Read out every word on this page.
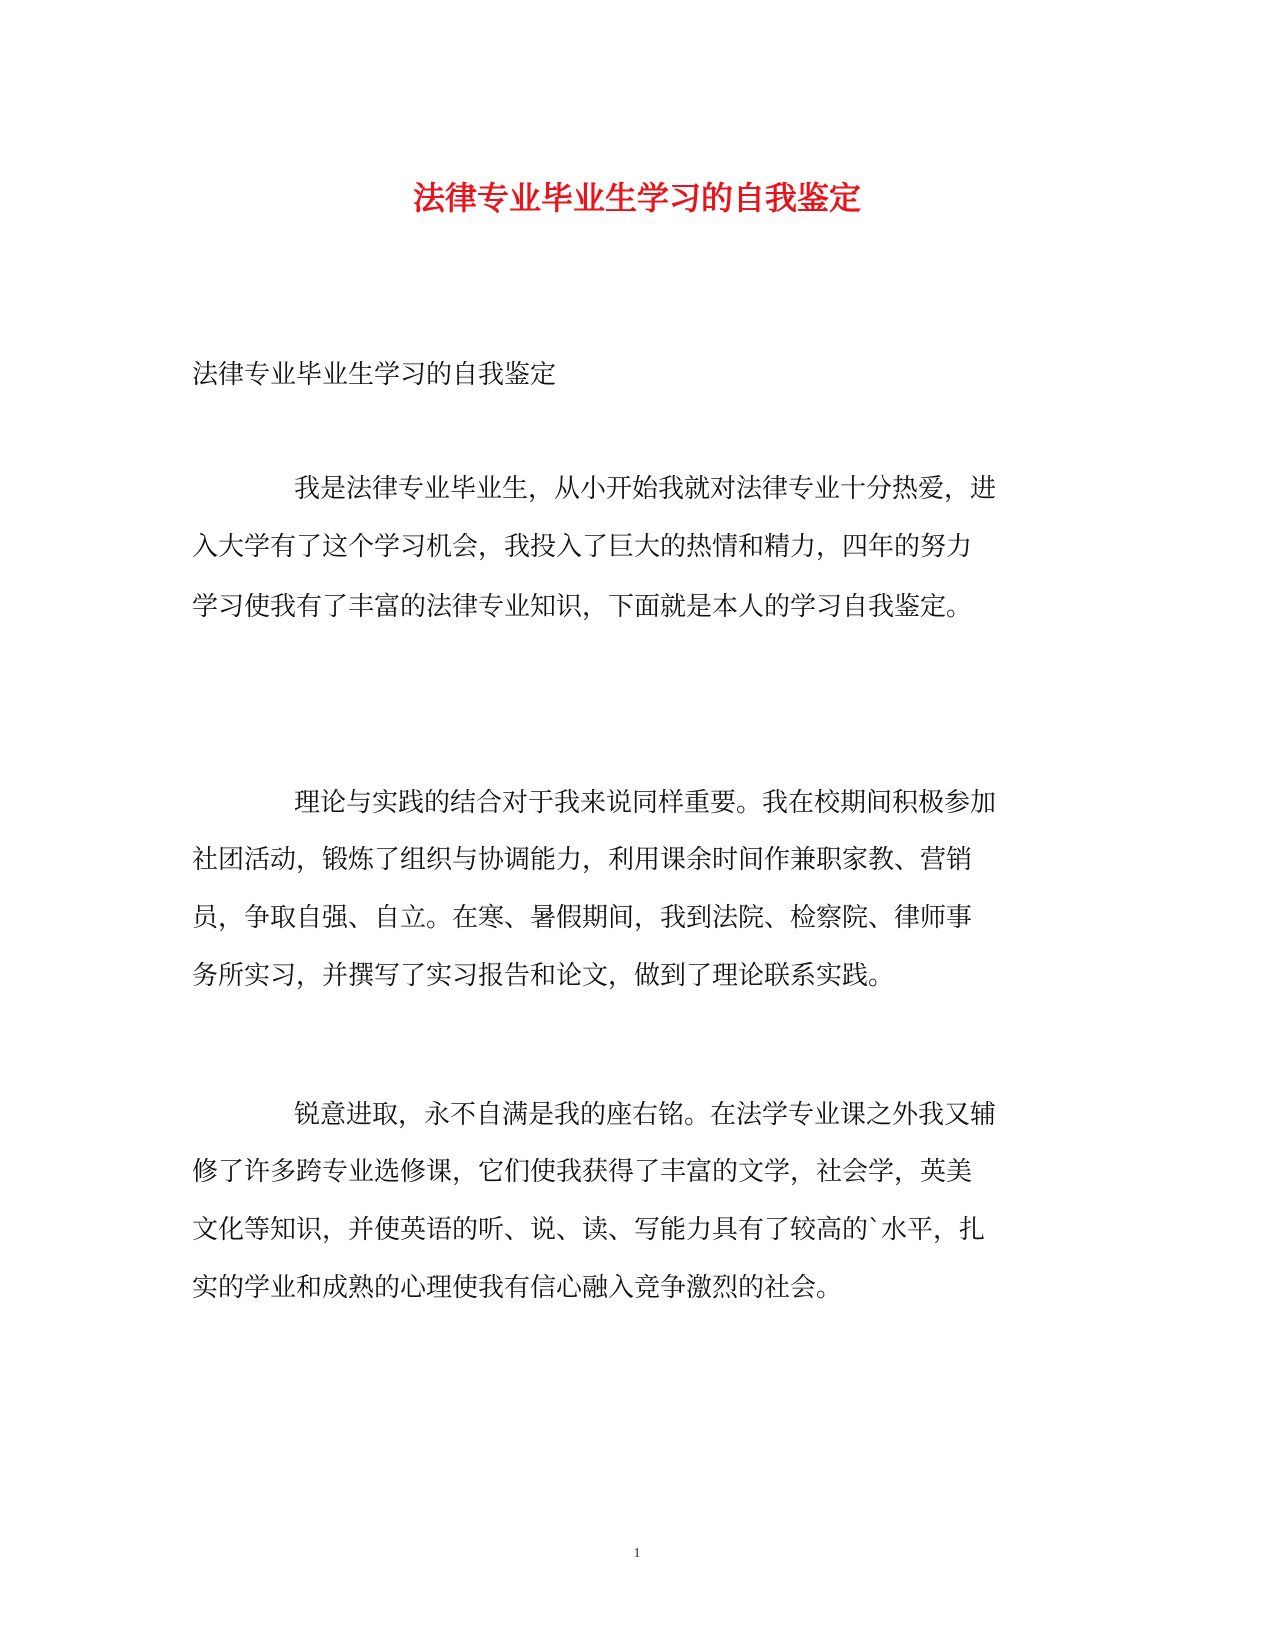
法律专业毕业生学习的自我鉴定
法律专业毕业生学习的自我鉴定
我是法律专业毕业生，从小开始我就对法律专业十分热爱，进
入大学有了这个学习机会，我投入了巨大的热情和精力，四年的努力
学习使我有了丰富的法律专业知识，下面就是本人的学习自我鉴定。
理论与实践的结合对于我来说同样重要。我在校期间积极参加
社团活动，锻炼了组织与协调能力，利用课余时间作兼职家教、营销
员，争取自强、自立。在寒、暑假期间，我到法院、检察院、律师事
务所实习，并撰写了实习报告和论文，做到了理论联系实践。
锐意进取，永不自满是我的座右铭。在法学专业课之外我又辅
修了许多跨专业选修课，它们使我获得了丰富的文学，社会学，英美
文化等知识，并使英语的听、说、读、写能力具有了较高的`水平，扎
实的学业和成熟的心理使我有信心融入竞争激烈的社会。
1
